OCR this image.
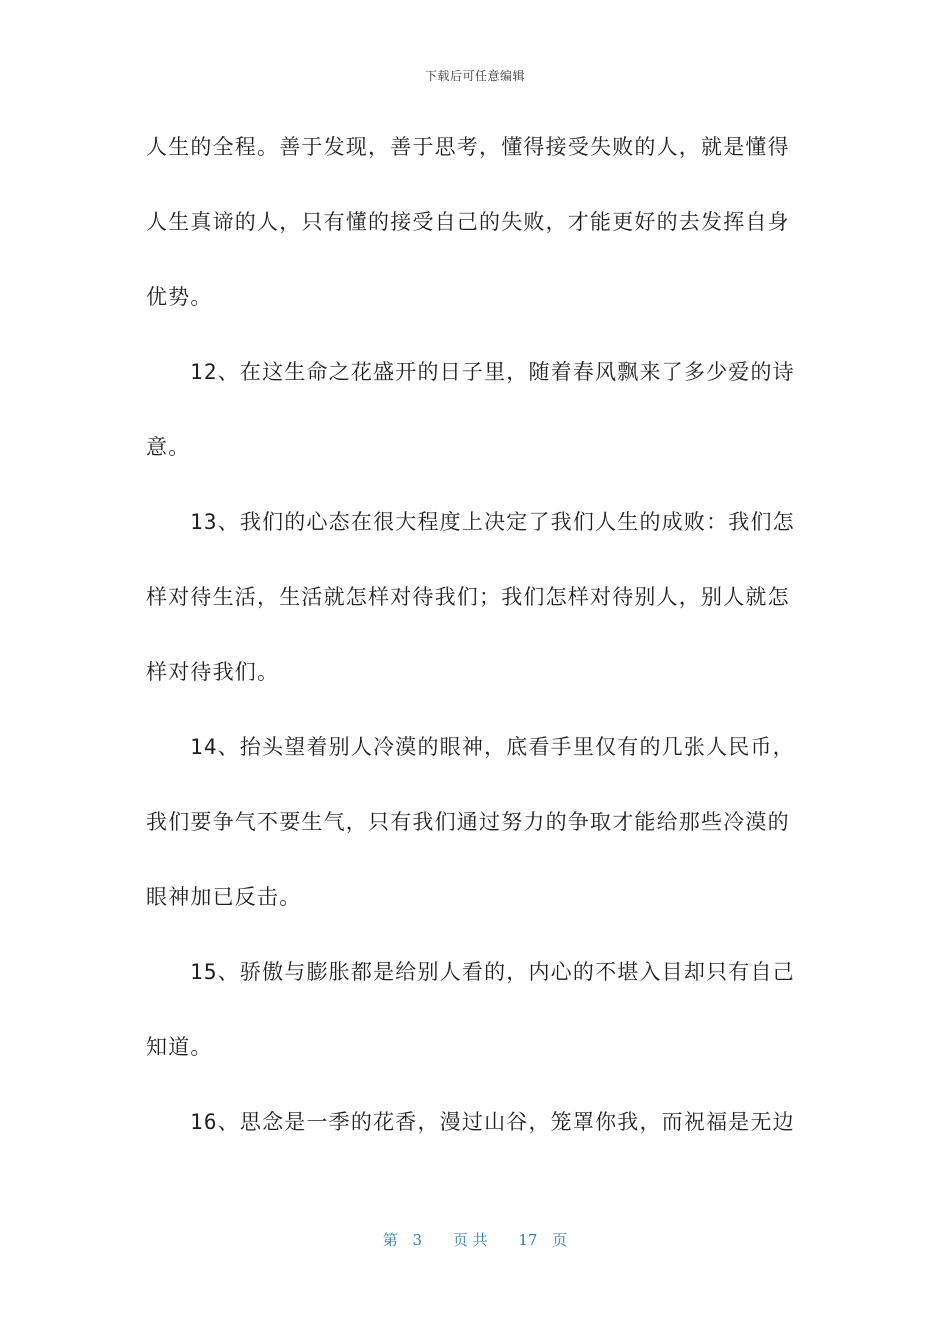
下载后可任意编辑
人生的全程。善于发现，善于思考，懂得接受失败的人，就是懂得
人生真谛的人，只有懂的接受自己的失败，才能更好的去发挥自身
优势。
12、在这生命之花盛开的日子里，随着春风飘来了多少爱的诗
意。
13、我们的心态在很大程度上决定了我们人生的成败：我们怎
样对待生活，生活就怎样对待我们；我们怎样对待别人，别人就怎
样对待我们。
14、抬头望着别人冷漠的眼神，底看手里仅有的几张人民币，
我们要争气不要生气，只有我们通过努力的争取才能给那些冷漠的
眼神加已反击。
15、骄傲与膨胀都是给别人看的，内心的不堪入目却只有自己
知道。
16、思念是一季的花香，漫过山谷，笼罩你我，而祝福是无边
第 3 页 共 17 页
